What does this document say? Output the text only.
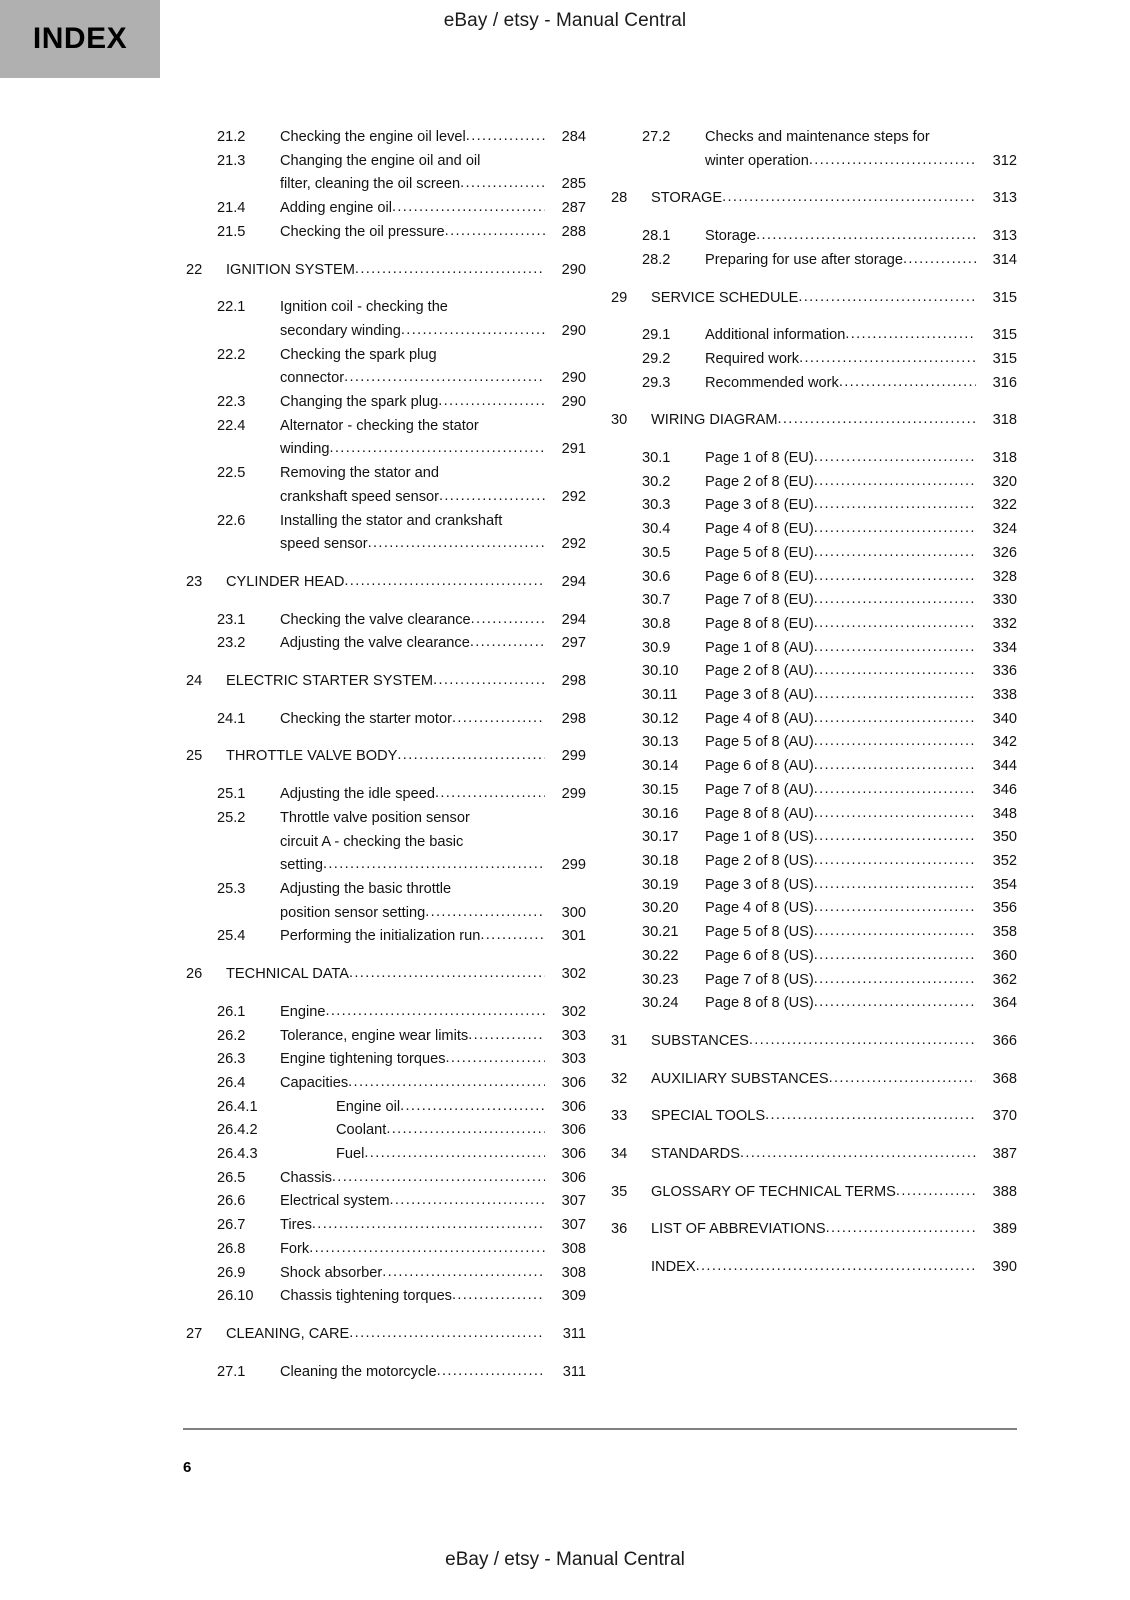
INDEX
eBay / etsy - Manual Central
21.2	Checking the engine oil level .....	284
21.3	Changing the engine oil and oil
filter, cleaning the oil screen .....	285
21.4	Adding engine oil .....	287
21.5	Checking the oil pressure .....	288
22	IGNITION SYSTEM .....	290
22.1	Ignition coil - checking the
secondary winding .....	290
22.2	Checking the spark plug
connector .....	290
22.3	Changing the spark plug .....	290
22.4	Alternator - checking the stator
winding .....	291
22.5	Removing the stator and
crankshaft speed sensor .....	292
22.6	Installing the stator and crankshaft
speed sensor .....	292
23	CYLINDER HEAD .....	294
23.1	Checking the valve clearance .....	294
23.2	Adjusting the valve clearance .....	297
24	ELECTRIC STARTER SYSTEM .....	298
24.1	Checking the starter motor .....	298
25	THROTTLE VALVE BODY .....	299
25.1	Adjusting the idle speed .....	299
25.2	Throttle valve position sensor
circuit A - checking the basic
setting .....	299
25.3	Adjusting the basic throttle
position sensor setting .....	300
25.4	Performing the initialization run .....	301
26	TECHNICAL DATA .....	302
26.1	Engine .....	302
26.2	Tolerance, engine wear limits .....	303
26.3	Engine tightening torques .....	303
26.4	Capacities .....	306
26.4.1	Engine oil .....	306
26.4.2	Coolant .....	306
26.4.3	Fuel .....	306
26.5	Chassis .....	306
26.6	Electrical system .....	307
26.7	Tires .....	307
26.8	Fork .....	308
26.9	Shock absorber .....	308
26.10	Chassis tightening torques .....	309
27	CLEANING, CARE .....	311
27.1	Cleaning the motorcycle .....	311
27.2	Checks and maintenance steps for
winter operation .....	312
28	STORAGE .....	313
28.1	Storage .....	313
28.2	Preparing for use after storage .....	314
29	SERVICE SCHEDULE .....	315
29.1	Additional information .....	315
29.2	Required work .....	315
29.3	Recommended work .....	316
30	WIRING DIAGRAM .....	318
30.1	Page 1 of 8 (EU) .....	318
30.2	Page 2 of 8 (EU) .....	320
30.3	Page 3 of 8 (EU) .....	322
30.4	Page 4 of 8 (EU) .....	324
30.5	Page 5 of 8 (EU) .....	326
30.6	Page 6 of 8 (EU) .....	328
30.7	Page 7 of 8 (EU) .....	330
30.8	Page 8 of 8 (EU) .....	332
30.9	Page 1 of 8 (AU) .....	334
30.10	Page 2 of 8 (AU) .....	336
30.11	Page 3 of 8 (AU) .....	338
30.12	Page 4 of 8 (AU) .....	340
30.13	Page 5 of 8 (AU) .....	342
30.14	Page 6 of 8 (AU) .....	344
30.15	Page 7 of 8 (AU) .....	346
30.16	Page 8 of 8 (AU) .....	348
30.17	Page 1 of 8 (US) .....	350
30.18	Page 2 of 8 (US) .....	352
30.19	Page 3 of 8 (US) .....	354
30.20	Page 4 of 8 (US) .....	356
30.21	Page 5 of 8 (US) .....	358
30.22	Page 6 of 8 (US) .....	360
30.23	Page 7 of 8 (US) .....	362
30.24	Page 8 of 8 (US) .....	364
31	SUBSTANCES .....	366
32	AUXILIARY SUBSTANCES .....	368
33	SPECIAL TOOLS .....	370
34	STANDARDS .....	387
35	GLOSSARY OF TECHNICAL TERMS .....	388
36	LIST OF ABBREVIATIONS .....	389
INDEX .....	390
6
eBay / etsy - Manual Central
